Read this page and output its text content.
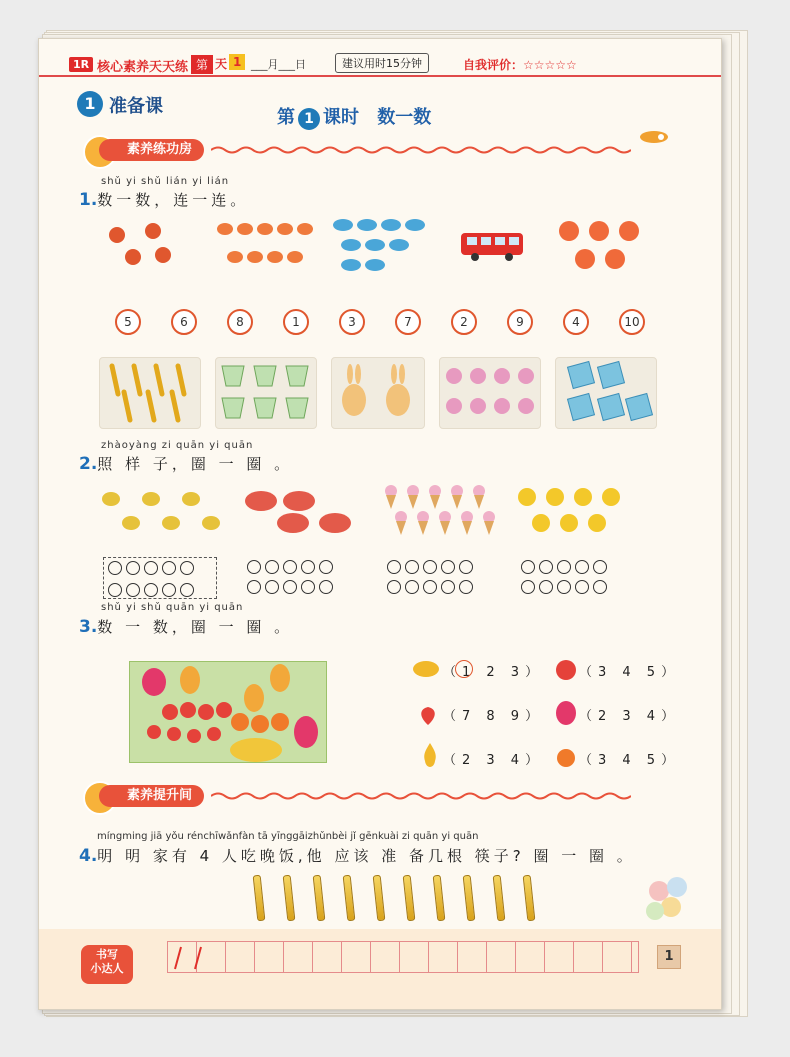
1R 核心素养天天练 第	1
天 ___月___日	建议用时15分钟	自我评价：☆☆☆☆☆
1 准备课
第 1 课时 数一数
素养练功房
shǔ yi shǔ lián yi lián
1.数一数，连一连。
5	6	8	1	3	7	2	9	4	10
zhàoyàng zi quān yi quān
2.照 样 子，圈 一 圈 。
shǔ yi shǔ quān yi quān
3.数 一 数，圈 一 圈 。
（1 2 3）	（3 4 5）
（7 8 9）	（2 3 4）
（2 3 4）	（3 4 5）
素养提升间
míngming jiā yǒu rénchīwǎnfàn tā yīnggāizhǔnbèi jǐ gēnkuài zi quān yi quān
4.明 明 家有 4 人吃晚饭,他 应该 准 备几根 筷子? 圈 一 圈 。
书写
小达人
1
